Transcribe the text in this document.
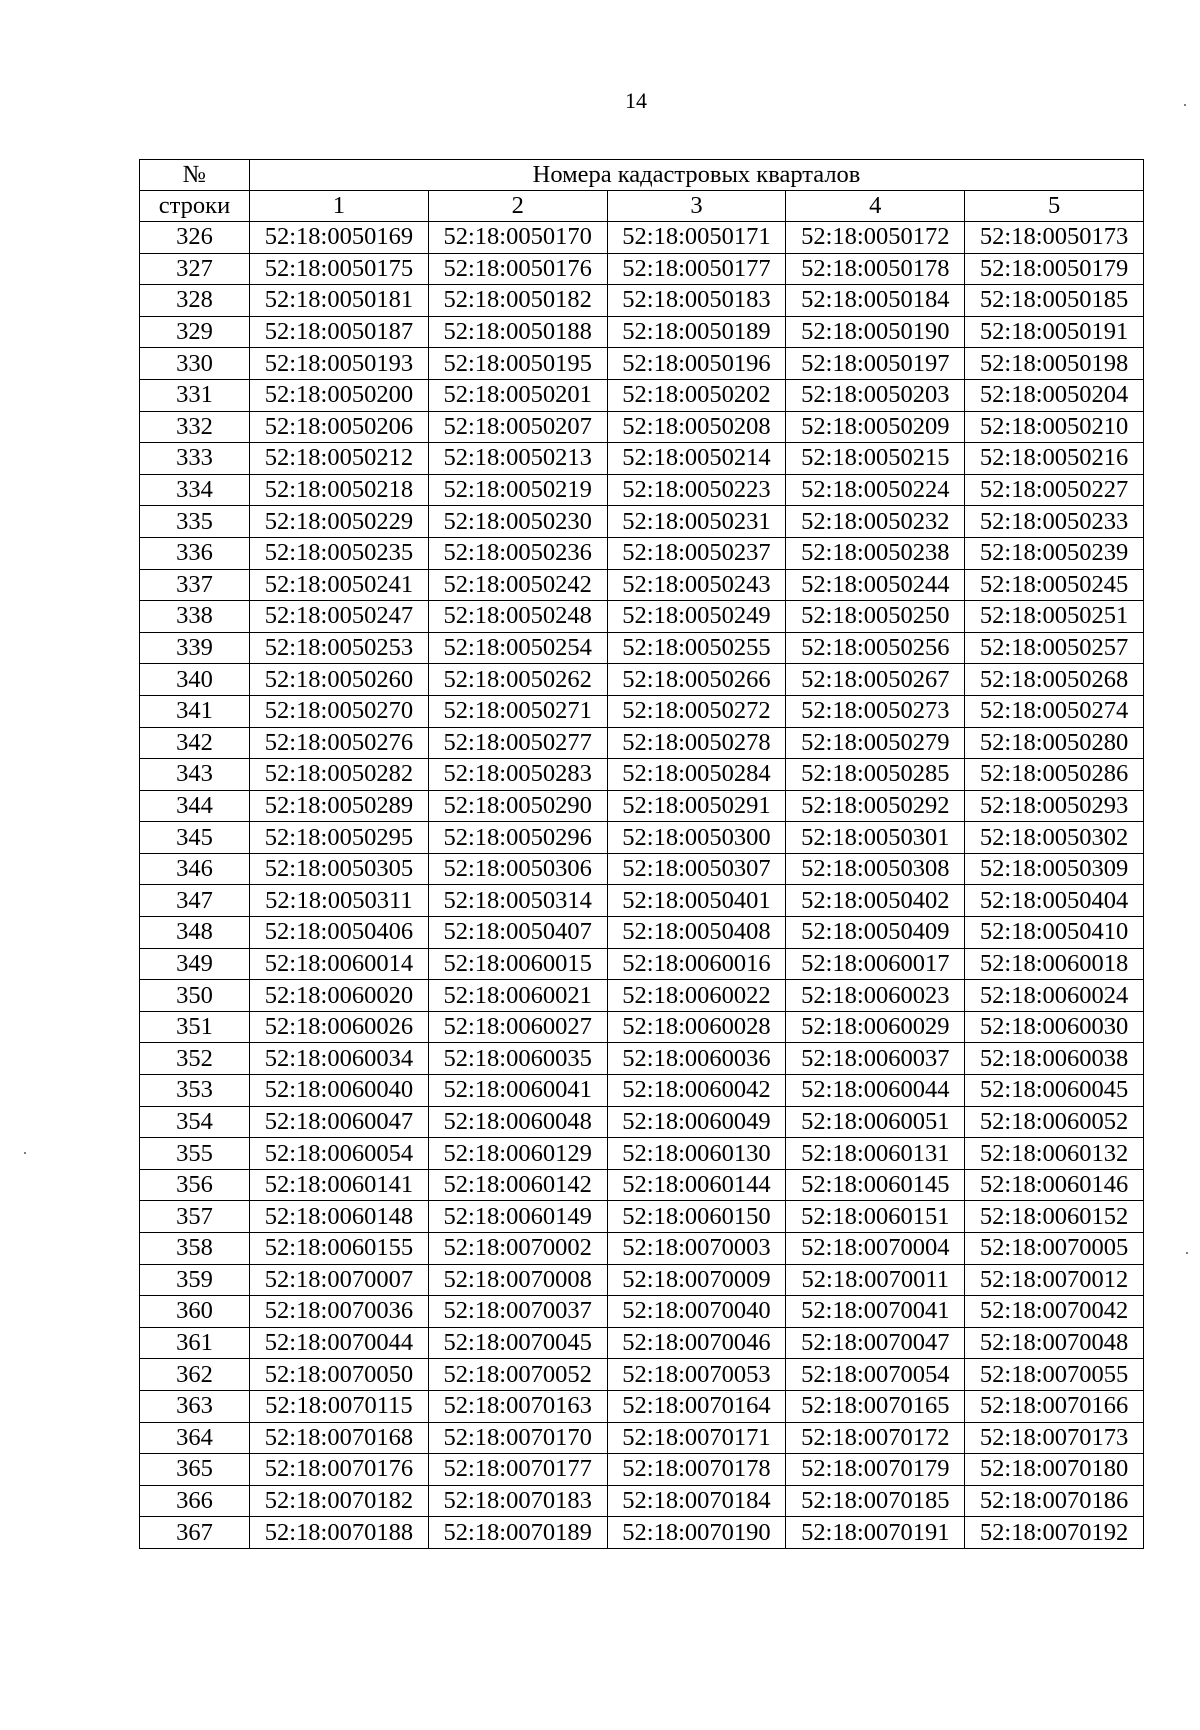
14
№	Номера кадастровых кварталов				
строки	1	2	3	4	5
326	52:18:0050169	52:18:0050170	52:18:0050171	52:18:0050172	52:18:0050173
327	52:18:0050175	52:18:0050176	52:18:0050177	52:18:0050178	52:18:0050179
328	52:18:0050181	52:18:0050182	52:18:0050183	52:18:0050184	52:18:0050185
329	52:18:0050187	52:18:0050188	52:18:0050189	52:18:0050190	52:18:0050191
330	52:18:0050193	52:18:0050195	52:18:0050196	52:18:0050197	52:18:0050198
331	52:18:0050200	52:18:0050201	52:18:0050202	52:18:0050203	52:18:0050204
332	52:18:0050206	52:18:0050207	52:18:0050208	52:18:0050209	52:18:0050210
333	52:18:0050212	52:18:0050213	52:18:0050214	52:18:0050215	52:18:0050216
334	52:18:0050218	52:18:0050219	52:18:0050223	52:18:0050224	52:18:0050227
335	52:18:0050229	52:18:0050230	52:18:0050231	52:18:0050232	52:18:0050233
336	52:18:0050235	52:18:0050236	52:18:0050237	52:18:0050238	52:18:0050239
337	52:18:0050241	52:18:0050242	52:18:0050243	52:18:0050244	52:18:0050245
338	52:18:0050247	52:18:0050248	52:18:0050249	52:18:0050250	52:18:0050251
339	52:18:0050253	52:18:0050254	52:18:0050255	52:18:0050256	52:18:0050257
340	52:18:0050260	52:18:0050262	52:18:0050266	52:18:0050267	52:18:0050268
341	52:18:0050270	52:18:0050271	52:18:0050272	52:18:0050273	52:18:0050274
342	52:18:0050276	52:18:0050277	52:18:0050278	52:18:0050279	52:18:0050280
343	52:18:0050282	52:18:0050283	52:18:0050284	52:18:0050285	52:18:0050286
344	52:18:0050289	52:18:0050290	52:18:0050291	52:18:0050292	52:18:0050293
345	52:18:0050295	52:18:0050296	52:18:0050300	52:18:0050301	52:18:0050302
346	52:18:0050305	52:18:0050306	52:18:0050307	52:18:0050308	52:18:0050309
347	52:18:0050311	52:18:0050314	52:18:0050401	52:18:0050402	52:18:0050404
348	52:18:0050406	52:18:0050407	52:18:0050408	52:18:0050409	52:18:0050410
349	52:18:0060014	52:18:0060015	52:18:0060016	52:18:0060017	52:18:0060018
350	52:18:0060020	52:18:0060021	52:18:0060022	52:18:0060023	52:18:0060024
351	52:18:0060026	52:18:0060027	52:18:0060028	52:18:0060029	52:18:0060030
352	52:18:0060034	52:18:0060035	52:18:0060036	52:18:0060037	52:18:0060038
353	52:18:0060040	52:18:0060041	52:18:0060042	52:18:0060044	52:18:0060045
354	52:18:0060047	52:18:0060048	52:18:0060049	52:18:0060051	52:18:0060052
355	52:18:0060054	52:18:0060129	52:18:0060130	52:18:0060131	52:18:0060132
356	52:18:0060141	52:18:0060142	52:18:0060144	52:18:0060145	52:18:0060146
357	52:18:0060148	52:18:0060149	52:18:0060150	52:18:0060151	52:18:0060152
358	52:18:0060155	52:18:0070002	52:18:0070003	52:18:0070004	52:18:0070005
359	52:18:0070007	52:18:0070008	52:18:0070009	52:18:0070011	52:18:0070012
360	52:18:0070036	52:18:0070037	52:18:0070040	52:18:0070041	52:18:0070042
361	52:18:0070044	52:18:0070045	52:18:0070046	52:18:0070047	52:18:0070048
362	52:18:0070050	52:18:0070052	52:18:0070053	52:18:0070054	52:18:0070055
363	52:18:0070115	52:18:0070163	52:18:0070164	52:18:0070165	52:18:0070166
364	52:18:0070168	52:18:0070170	52:18:0070171	52:18:0070172	52:18:0070173
365	52:18:0070176	52:18:0070177	52:18:0070178	52:18:0070179	52:18:0070180
366	52:18:0070182	52:18:0070183	52:18:0070184	52:18:0070185	52:18:0070186
367	52:18:0070188	52:18:0070189	52:18:0070190	52:18:0070191	52:18:0070192
